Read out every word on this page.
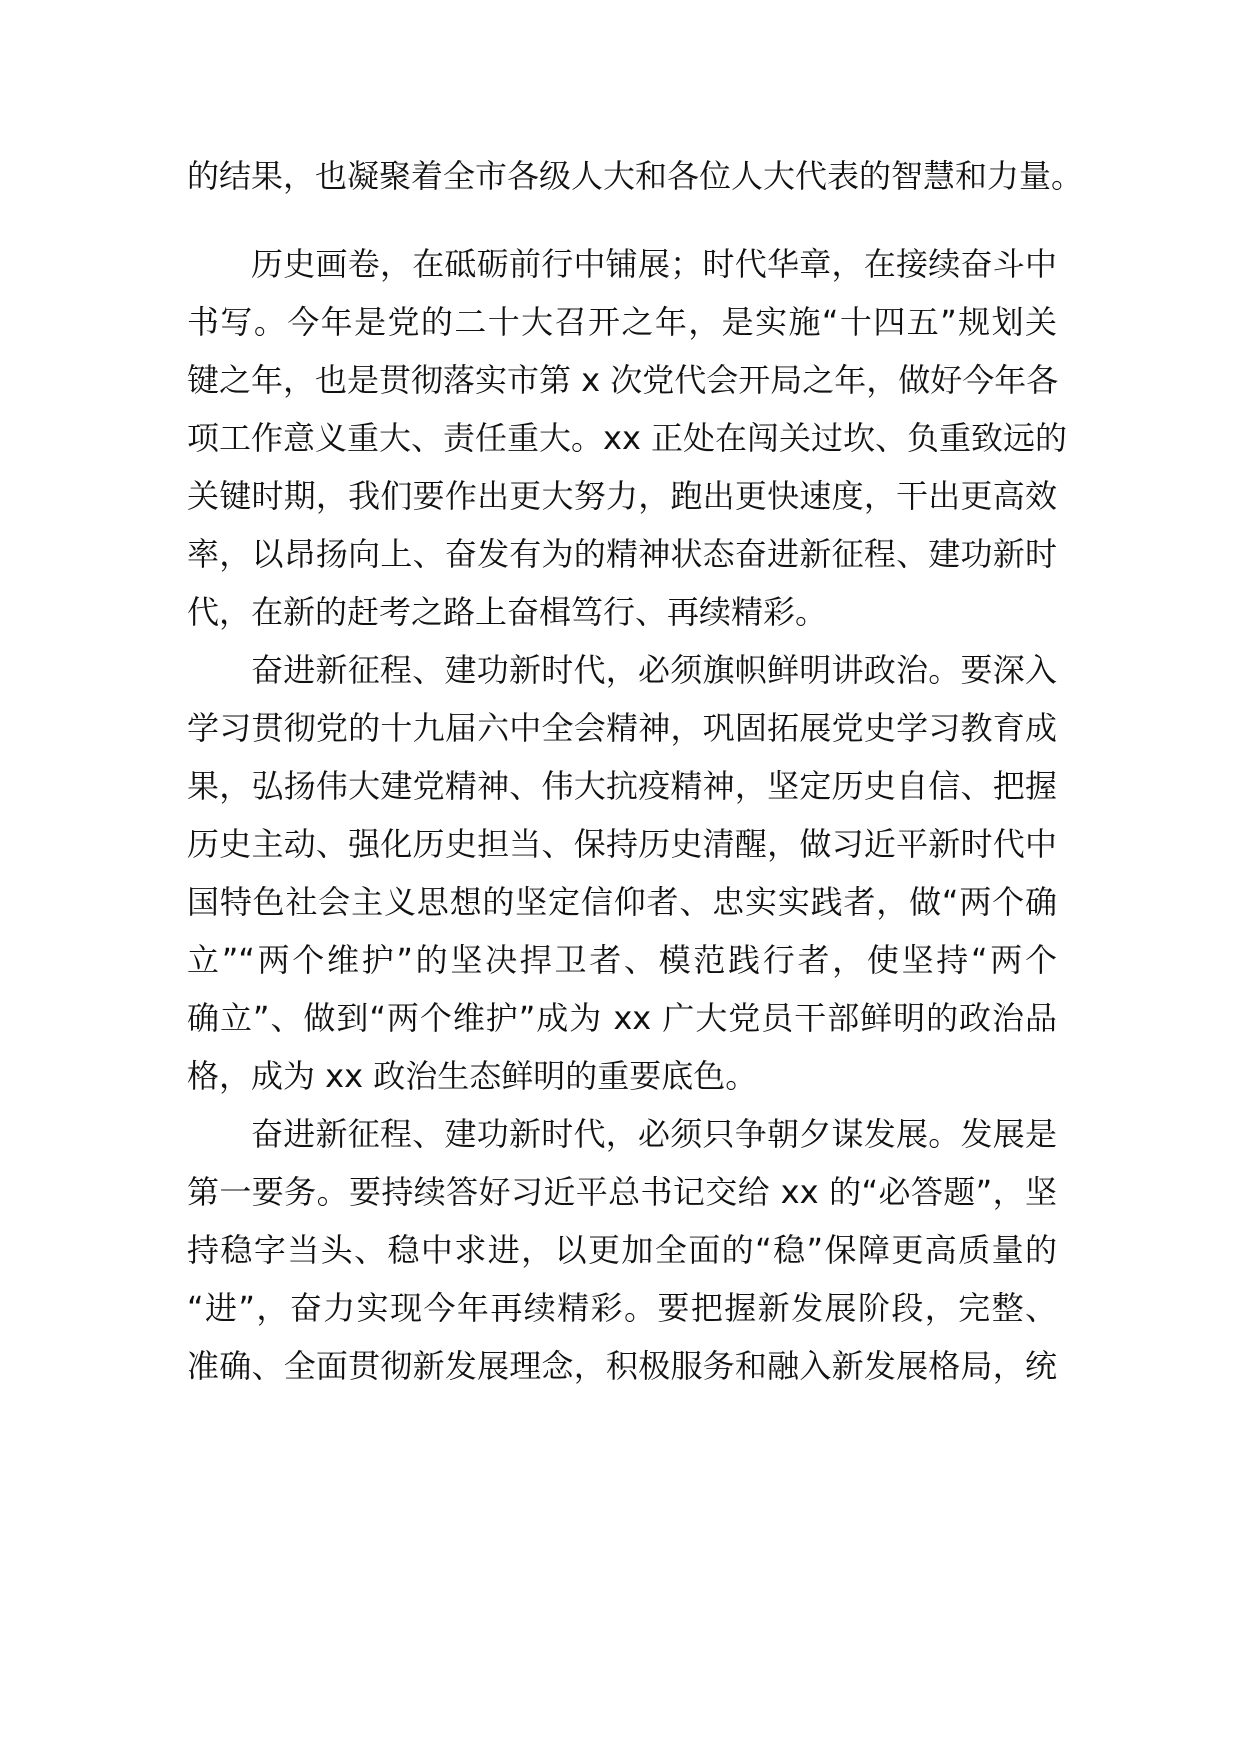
的结果，也凝聚着全市各级人大和各位人大代表的智慧和力量。
历史画卷，在砥砺前行中铺展；时代华章，在接续奋斗中
书写。今年是党的二十大召开之年，是实施“十四五”规划关
键之年，也是贯彻落实市第 x 次党代会开局之年，做好今年各
项工作意义重大、责任重大。xx 正处在闯关过坎、负重致远的
关键时期，我们要作出更大努力，跑出更快速度，干出更高效
率，以昂扬向上、奋发有为的精神状态奋进新征程、建功新时
代，在新的赶考之路上奋楫笃行、再续精彩。
奋进新征程、建功新时代，必须旗帜鲜明讲政治。要深入
学习贯彻党的十九届六中全会精神，巩固拓展党史学习教育成
果，弘扬伟大建党精神、伟大抗疫精神，坚定历史自信、把握
历史主动、强化历史担当、保持历史清醒，做习近平新时代中
国特色社会主义思想的坚定信仰者、忠实实践者，做“两个确
立”“两个维护”的坚决捍卫者、模范践行者，使坚持“两个
确立”、做到“两个维护”成为 xx 广大党员干部鲜明的政治品
格，成为 xx 政治生态鲜明的重要底色。
奋进新征程、建功新时代，必须只争朝夕谋发展。发展是
第一要务。要持续答好习近平总书记交给 xx 的“必答题”，坚
持稳字当头、稳中求进，以更加全面的“稳”保障更高质量的
“进”，奋力实现今年再续精彩。要把握新发展阶段，完整、
准确、全面贯彻新发展理念，积极服务和融入新发展格局，统
